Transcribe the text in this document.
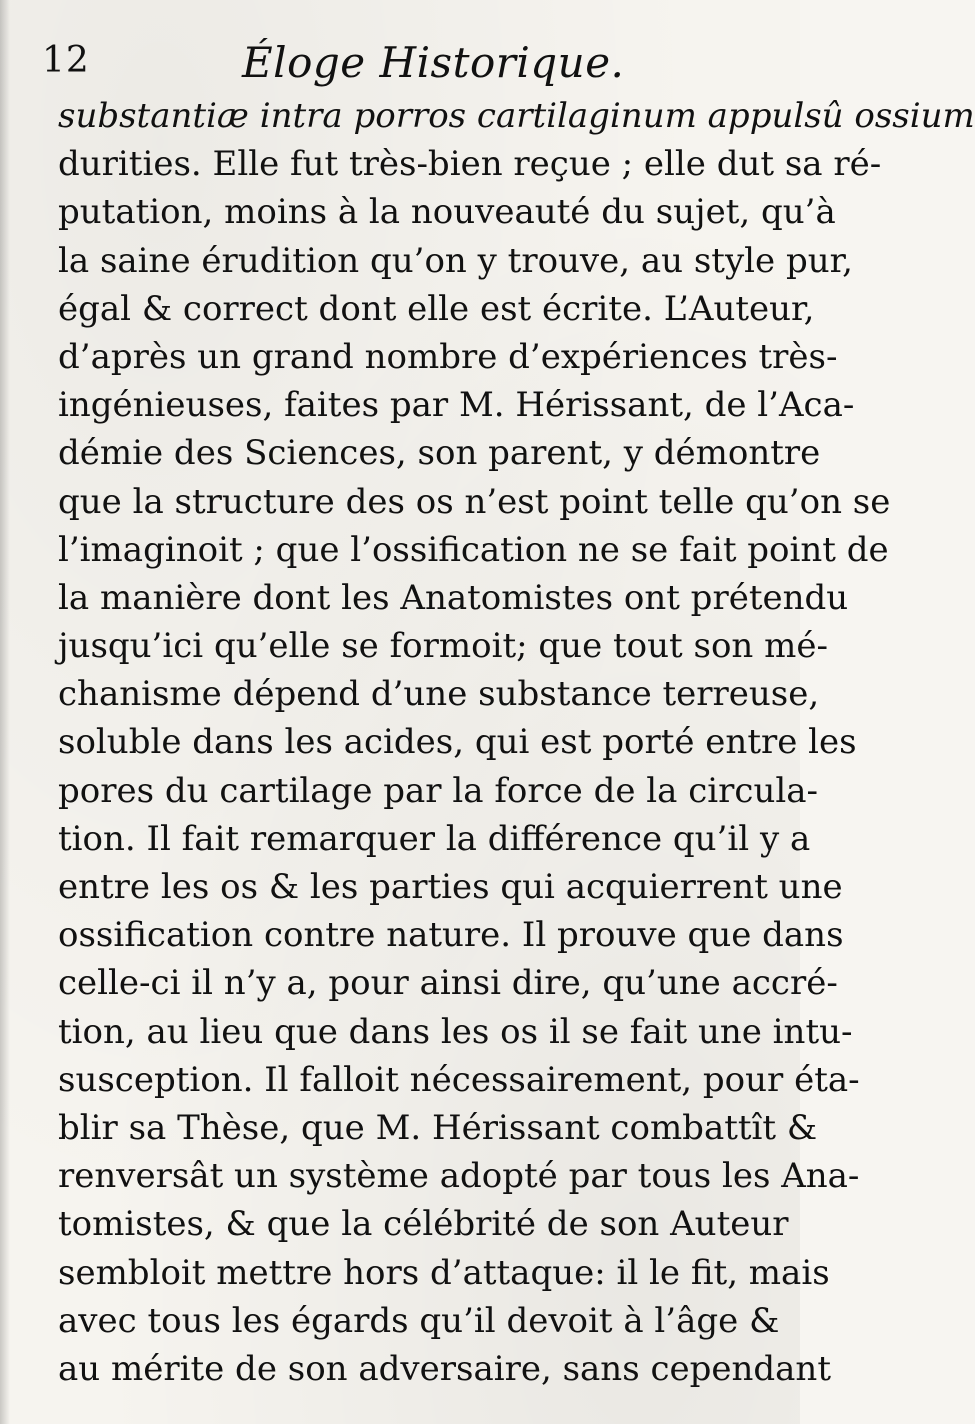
12	Éloge Historique.
substantiæ intra porros cartilaginum appulsû ossium
durities. Elle fut très-bien reçue ; elle dut sa ré-
putation, moins à la nouveauté du sujet, qu’à
la saine érudition qu’on y trouve, au style pur,
égal & correct dont elle est écrite. L’Auteur,
d’après un grand nombre d’expériences très-
ingénieuses, faites par M. Hérissant, de l’Aca-
démie des Sciences, son parent, y démontre
que la structure des os n’est point telle qu’on se
l’imaginoit ; que l’ossification ne se fait point de
la manière dont les Anatomistes ont prétendu
jusqu’ici qu’elle se formoit; que tout son mé-
chanisme dépend d’une substance terreuse,
soluble dans les acides, qui est porté entre les
pores du cartilage par la force de la circula-
tion. Il fait remarquer la différence qu’il y a
entre les os & les parties qui acquierrent une
ossification contre nature. Il prouve que dans
celle-ci il n’y a, pour ainsi dire, qu’une accré-
tion, au lieu que dans les os il se fait une intu-
susception. Il falloit nécessairement, pour éta-
blir sa Thèse, que M. Hérissant combattît &
renversât un système adopté par tous les Ana-
tomistes, & que la célébrité de son Auteur
sembloit mettre hors d’attaque: il le fit, mais
avec tous les égards qu’il devoit à l’âge &
au mérite de son adversaire, sans cependant
